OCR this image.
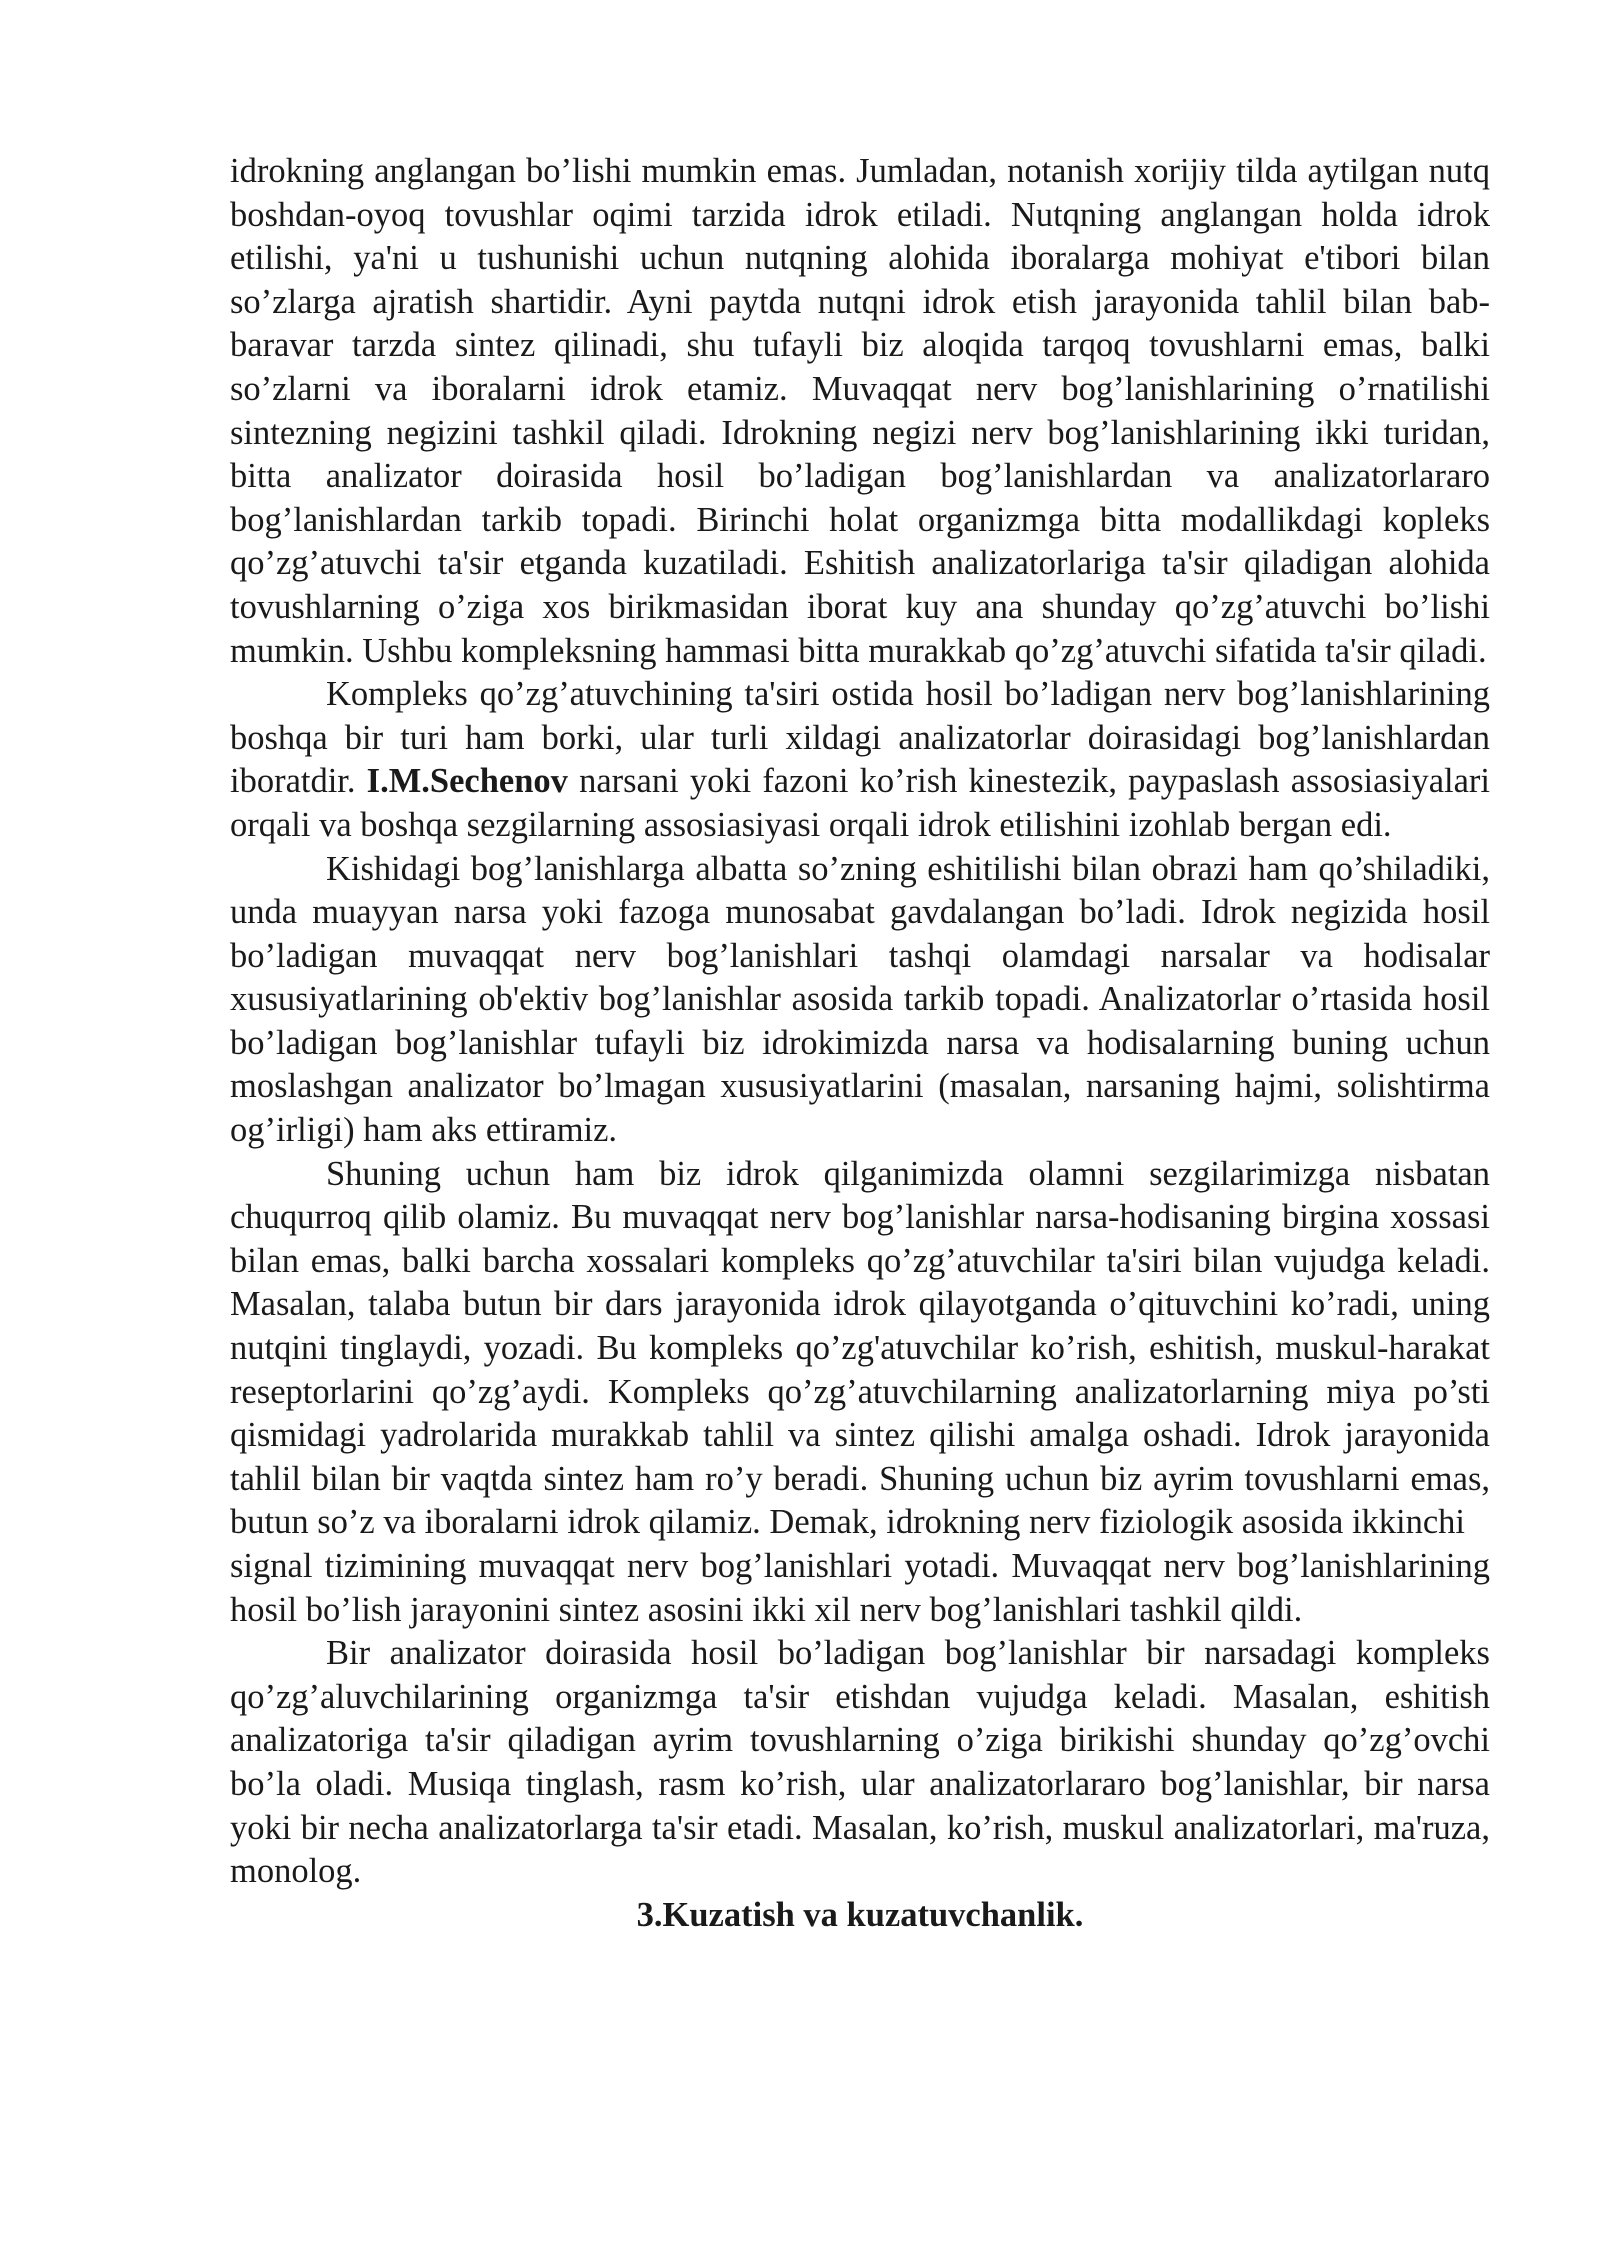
idrokning anglangan bo’lishi mumkin emas. Jumladan, notanish xorijiy tilda aytilgan nutq boshdan-oyoq tovushlar oqimi tarzida idrok etiladi. Nutqning anglangan holda idrok etilishi, ya'ni u tushunishi uchun nutqning alohida iboralarga mohiyat e'tibori bilan so’zlarga ajratish shartidir. Ayni paytda nutqni idrok etish jarayonida tahlil bilan bab- baravar tarzda sintez qilinadi, shu tufayli biz aloqida tarqoq tovushlarni emas, balki so’zlarni va iboralarni idrok etamiz. Muvaqqat nerv bog’lanishlarining o’rnatilishi sintezning negizini tashkil qiladi. Idrokning negizi nerv bog’lanishlarining ikki turidan, bitta analizator doirasida hosil bo’ladigan bog’lanishlardan va analizatorlararo bog’lanishlardan tarkib topadi. Birinchi holat organizmga bitta modallikdagi kopleks qo’zg’atuvchi ta'sir etganda kuzatiladi. Eshitish analizatorlariga ta'sir qiladigan alohida tovushlarning o’ziga xos birikmasidan iborat kuy ana shunday qo’zg’atuvchi bo’lishi mumkin. Ushbu kompleksning hammasi bitta murakkab qo’zg’atuvchi sifatida ta'sir qiladi.

Kompleks qo’zg’atuvchining ta'siri ostida hosil bo’ladigan nerv bog’lanishlarining boshqa bir turi ham borki, ular turli xildagi analizatorlar doirasidagi bog’lanishlardan iboratdir. I.M.Sechenov narsani yoki fazoni ko’rish kinestezik, paypaslash assosiasiyalari orqali va boshqa sezgilarning assosiasiyasi orqali idrok etilishini izohlab bergan edi.

Kishidagi bog’lanishlarga albatta so’zning eshitilishi bilan obrazi ham qo’shiladiki, unda muayyan narsa yoki fazoga munosabat gavdalangan bo’ladi. Idrok negizida hosil bo’ladigan muvaqqat nerv bog’lanishlari tashqi olamdagi narsalar va hodisalar xususiyatlarining ob'ektiv bog’lanishlar asosida tarkib topadi. Analizatorlar o’rtasida hosil bo’ladigan bog’lanishlar tufayli biz idrokimizda narsa va hodisalarning buning uchun moslashgan analizator bo’lmagan xususiyatlarini (masalan, narsaning hajmi, solishtirma og’irligi) ham aks ettiramiz.

Shuning uchun ham biz idrok qilganimizda olamni sezgilarimizga nisbatan chuqurroq qilib olamiz. Bu muvaqqat nerv bog’lanishlar narsa-hodisaning birgina xossasi bilan emas, balki barcha xossalari kompleks qo’zg’atuvchilar ta'siri bilan vujudga keladi. Masalan, talaba butun bir dars jarayonida idrok qilayotganda o’qituvchini ko’radi, uning nutqini tinglaydi, yozadi. Bu kompleks qo’zg'atuvchilar ko’rish, eshitish, muskul-harakat reseptorlarini qo’zg’aydi. Kompleks qo’zg’atuvchilarning analizatorlarning miya po’sti qismidagi yadrolarida murakkab tahlil va sintez qilishi amalga oshadi. Idrok jarayonida tahlil bilan bir vaqtda sintez ham ro’y beradi. Shuning uchun biz ayrim tovushlarni emas, butun so’z va iboralarni idrok qilamiz. Demak, idrokning nerv fiziologik asosida ikkinchi

signal tizimining muvaqqat nerv bog’lanishlari yotadi. Muvaqqat nerv bog’lanishlarining hosil bo’lish jarayonini sintez asosini ikki xil nerv bog’lanishlari tashkil qildi.

Bir analizator doirasida hosil bo’ladigan bog’lanishlar bir narsadagi kompleks qo’zg’aluvchilarining organizmga ta'sir etishdan vujudga keladi. Masalan, eshitish analizatoriga ta'sir qiladigan ayrim tovushlarning o’ziga birikishi shunday qo’zg’ovchi bo’la oladi. Musiqa tinglash, rasm ko’rish, ular analizatorlararo bog’lanishlar, bir narsa yoki bir necha analizatorlarga ta'sir etadi. Masalan, ko’rish, muskul analizatorlari, ma'ruza, monolog.

3.Kuzatish va kuzatuvchanlik.
